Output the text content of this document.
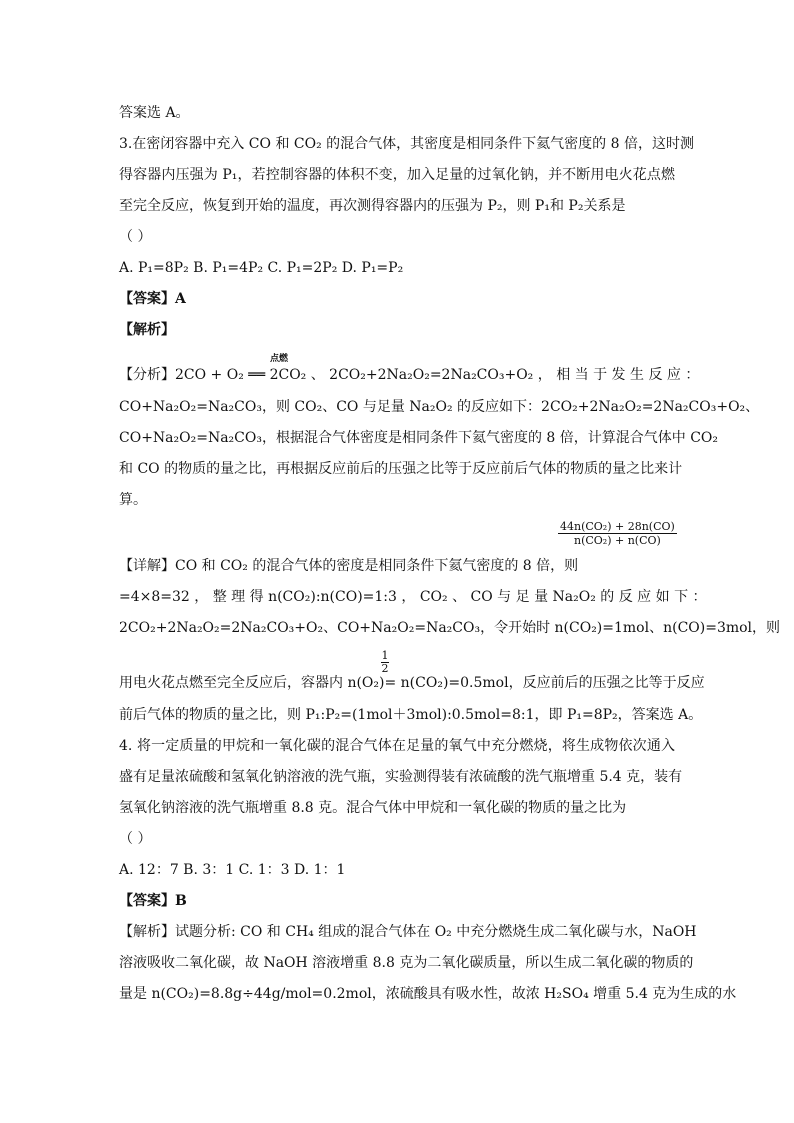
答案选 A。
3.在密闭容器中充入 CO 和 CO₂ 的混合气体，其密度是相同条件下氦气密度的 8 倍，这时测
得容器内压强为 P₁，若控制容器的体积不变，加入足量的过氧化钠，并不断用电火花点燃
至完全反应，恢复到开始的温度，再次测得容器内的压强为 P₂，则 P₁和 P₂关系是
（ ）
A. P₁=8P₂ B. P₁=4P₂ C. P₁=2P₂ D. P₁=P₂
【答案】A
【解析】
点燃
【分析】2CO + O₂ ══ 2CO₂ 、 2CO₂+2Na₂O₂=2Na₂CO₃+O₂ ， 相 当 于 发 生 反 应 ：
CO+Na₂O₂=Na₂CO₃，则 CO₂、CO 与足量 Na₂O₂ 的反应如下：2CO₂+2Na₂O₂=2Na₂CO₃+O₂、
CO+Na₂O₂=Na₂CO₃，根据混合气体密度是相同条件下氦气密度的 8 倍，计算混合气体中 CO₂
和 CO 的物质的量之比，再根据反应前后的压强之比等于反应前后气体的物质的量之比来计
算。
$\frac{\text{44n(CO₂) + 28n(CO)}}{\text{n(CO₂) + n(CO)}}$
【详解】CO 和 CO₂ 的混合气体的密度是相同条件下氦气密度的 8 倍，则
=4×8=32 ， 整 理 得 n(CO₂):n(CO)=1:3 ， CO₂ 、 CO 与 足 量 Na₂O₂ 的 反 应 如 下 ：
2CO₂+2Na₂O₂=2Na₂CO₃+O₂、CO+Na₂O₂=Na₂CO₃，令开始时 n(CO₂)=1mol、n(CO)=3mol，则
$\frac{1}{2}$
用电火花点燃至完全反应后，容器内 n(O₂)= n(CO₂)=0.5mol，反应前后的压强之比等于反应
前后气体的物质的量之比，则 P₁:P₂=(1mol＋3mol):0.5mol=8:1，即 P₁=8P₂，答案选 A。
4. 将一定质量的甲烷和一氧化碳的混合气体在足量的氧气中充分燃烧，将生成物依次通入
盛有足量浓硫酸和氢氧化钠溶液的洗气瓶，实验测得装有浓硫酸的洗气瓶增重 5.4 克，装有
氢氧化钠溶液的洗气瓶增重 8.8 克。混合气体中甲烷和一氧化碳的物质的量之比为
（ ）
A. 12：7 B. 3：1 C. 1：3 D. 1：1
【答案】B
【解析】试题分析: CO 和 CH₄ 组成的混合气体在 O₂ 中充分燃烧生成二氧化碳与水，NaOH
溶液吸收二氧化碳，故 NaOH 溶液增重 8.8 克为二氧化碳质量，所以生成二氧化碳的物质的
量是 n(CO₂)=8.8g÷44g/mol=0.2mol，浓硫酸具有吸水性，故浓 H₂SO₄ 增重 5.4 克为生成的水
